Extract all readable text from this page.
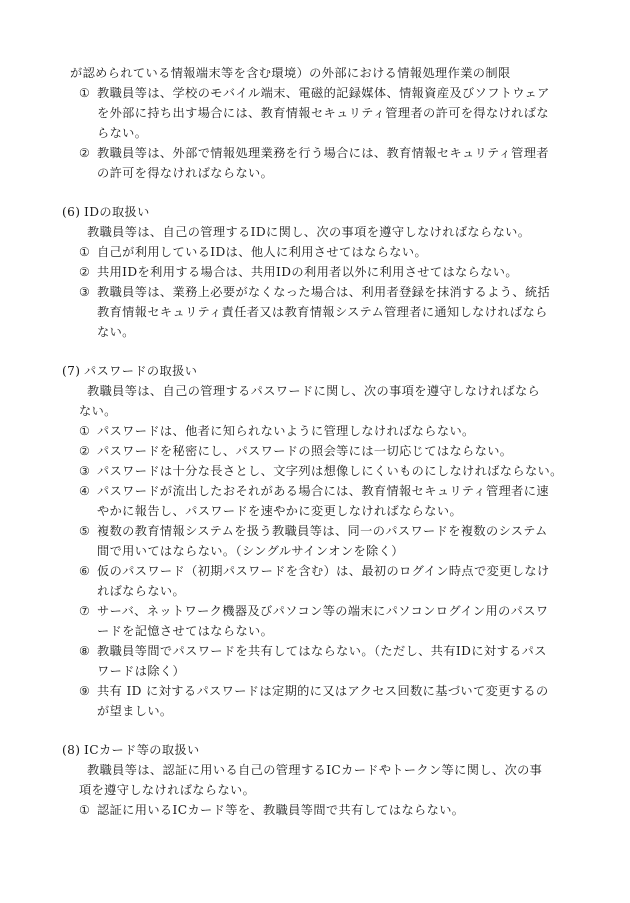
が認められている情報端末等を含む環境）の外部における情報処理作業の制限
① 教職員等は、学校のモバイル端末、電磁的記録媒体、情報資産及びソフトウェア
を外部に持ち出す場合には、教育情報セキュリティ管理者の許可を得なければな
らない。
② 教職員等は、外部で情報処理業務を行う場合には、教育情報セキュリティ管理者
の許可を得なければならない。
(6) IDの取扱い
教職員等は、自己の管理するIDに関し、次の事項を遵守しなければならない。
① 自己が利用しているIDは、他人に利用させてはならない。
② 共用IDを利用する場合は、共用IDの利用者以外に利用させてはならない。
③ 教職員等は、業務上必要がなくなった場合は、利用者登録を抹消するよう、統括
教育情報セキュリティ責任者又は教育情報システム管理者に通知しなければなら
ない。
(7) パスワードの取扱い
教職員等は、自己の管理するパスワードに関し、次の事項を遵守しなければなら
ない。
① パスワードは、他者に知られないように管理しなければならない。
② パスワードを秘密にし、パスワードの照会等には一切応じてはならない。
③ パスワードは十分な長さとし、文字列は想像しにくいものにしなければならない。
④ パスワードが流出したおそれがある場合には、教育情報セキュリティ管理者に速
やかに報告し、パスワードを速やかに変更しなければならない。
⑤ 複数の教育情報システムを扱う教職員等は、同一のパスワードを複数のシステム
間で用いてはならない。（シングルサインオンを除く）
⑥ 仮のパスワード（初期パスワードを含む）は、最初のログイン時点で変更しなけ
ればならない。
⑦ サーバ、ネットワーク機器及びパソコン等の端末にパソコンログイン用のパスワ
ードを記憶させてはならない。
⑧ 教職員等間でパスワードを共有してはならない。（ただし、共有IDに対するパス
ワードは除く）
⑨ 共有 ID に対するパスワードは定期的に又はアクセス回数に基づいて変更するの
が望ましい。
(8) ICカード等の取扱い
教職員等は、認証に用いる自己の管理するICカードやトークン等に関し、次の事
項を遵守しなければならない。
① 認証に用いるICカード等を、教職員等間で共有してはならない。
